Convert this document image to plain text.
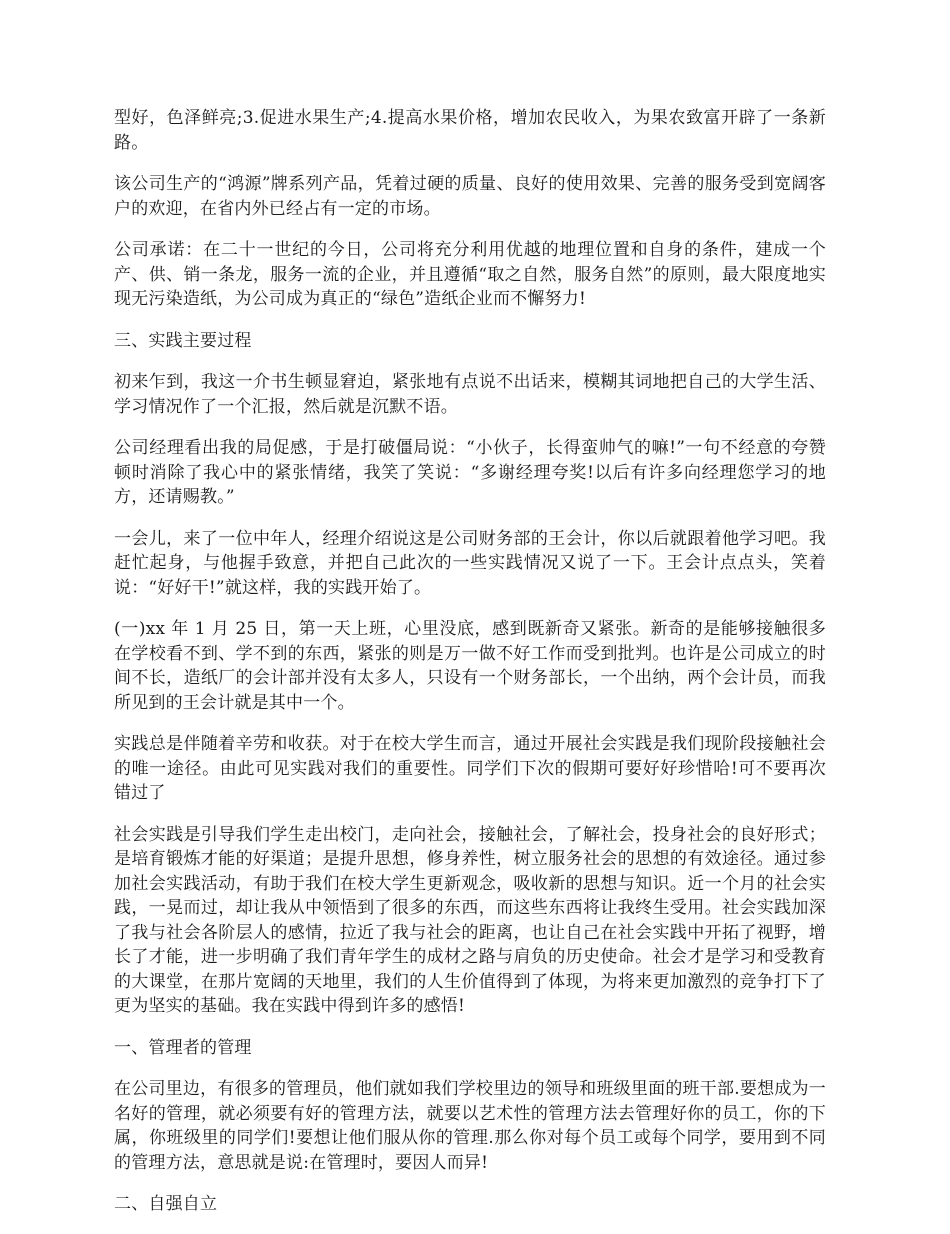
型好，色泽鲜亮;3.促进水果生产;4.提高水果价格，增加农民收入，为果农致富开辟了一条新路。

该公司生产的“鸿源”牌系列产品，凭着过硬的质量、良好的使用效果、完善的服务受到宽阔客户的欢迎，在省内外已经占有一定的市场。

公司承诺：在二十一世纪的今日，公司将充分利用优越的地理位置和自身的条件，建成一个产、供、销一条龙，服务一流的企业，并且遵循“取之自然，服务自然”的原则，最大限度地实现无污染造纸，为公司成为真正的“绿色”造纸企业而不懈努力!

三、实践主要过程

初来乍到，我这一介书生顿显窘迫，紧张地有点说不出话来，模糊其词地把自己的大学生活、学习情况作了一个汇报，然后就是沉默不语。

公司经理看出我的局促感，于是打破僵局说：“小伙子，长得蛮帅气的嘛!”一句不经意的夸赞顿时消除了我心中的紧张情绪，我笑了笑说：“多谢经理夸奖!以后有许多向经理您学习的地方，还请赐教。”

一会儿，来了一位中年人，经理介绍说这是公司财务部的王会计，你以后就跟着他学习吧。我赶忙起身，与他握手致意，并把自己此次的一些实践情况又说了一下。王会计点点头，笑着说：“好好干!”就这样，我的实践开始了。

(一)xx 年 1 月 25 日，第一天上班，心里没底，感到既新奇又紧张。新奇的是能够接触很多在学校看不到、学不到的东西，紧张的则是万一做不好工作而受到批判。也许是公司成立的时间不长，造纸厂的会计部并没有太多人，只设有一个财务部长，一个出纳，两个会计员，而我所见到的王会计就是其中一个。

实践总是伴随着辛劳和收获。对于在校大学生而言，通过开展社会实践是我们现阶段接触社会的唯一途径。由此可见实践对我们的重要性。同学们下次的假期可要好好珍惜哈!可不要再次错过了

社会实践是引导我们学生走出校门，走向社会，接触社会，了解社会，投身社会的良好形式；是培育锻炼才能的好渠道；是提升思想，修身养性，树立服务社会的思想的有效途径。通过参加社会实践活动，有助于我们在校大学生更新观念，吸收新的思想与知识。近一个月的社会实践，一晃而过，却让我从中领悟到了很多的东西，而这些东西将让我终生受用。社会实践加深了我与社会各阶层人的感情，拉近了我与社会的距离，也让自己在社会实践中开拓了视野，增长了才能，进一步明确了我们青年学生的成材之路与肩负的历史使命。社会才是学习和受教育的大课堂，在那片宽阔的天地里，我们的人生价值得到了体现，为将来更加激烈的竞争打下了更为坚实的基础。我在实践中得到许多的感悟!

一、管理者的管理

在公司里边，有很多的管理员，他们就如我们学校里边的领导和班级里面的班干部.要想成为一名好的管理，就必须要有好的管理方法，就要以艺术性的管理方法去管理好你的员工，你的下属，你班级里的同学们!要想让他们服从你的管理.那么你对每个员工或每个同学，要用到不同的管理方法，意思就是说:在管理时，要因人而异!

二、自强自立
